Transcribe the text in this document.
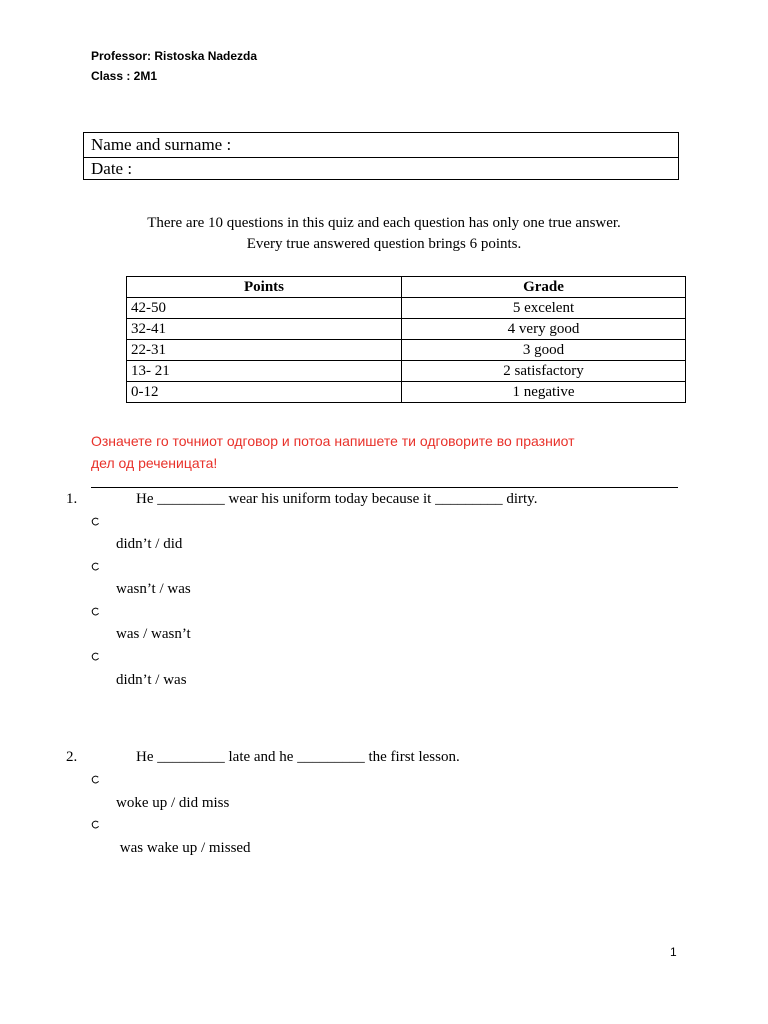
Professor: Ristoska Nadezda
Class : 2M1
Name and surname :
Date :
There are 10 questions in this quiz and each question has only one true answer.
Every true answered question brings 6 points.
Points	Grade
42-50	5 excelent
32-41	4 very good
22-31	3 good
13- 21	2 satisfactory
0-12	1 negative
Означете го точниот одговор и потоа напишете ти одговорите во празниот
дел од реченицата!
1.	He _________ wear his uniform today because it _________ dirty.
didn’t / did
wasn’t / was
was / wasn’t
didn’t / was
2.	He _________ late and he _________ the first lesson.
woke up / did miss
was wake up / missed
1
